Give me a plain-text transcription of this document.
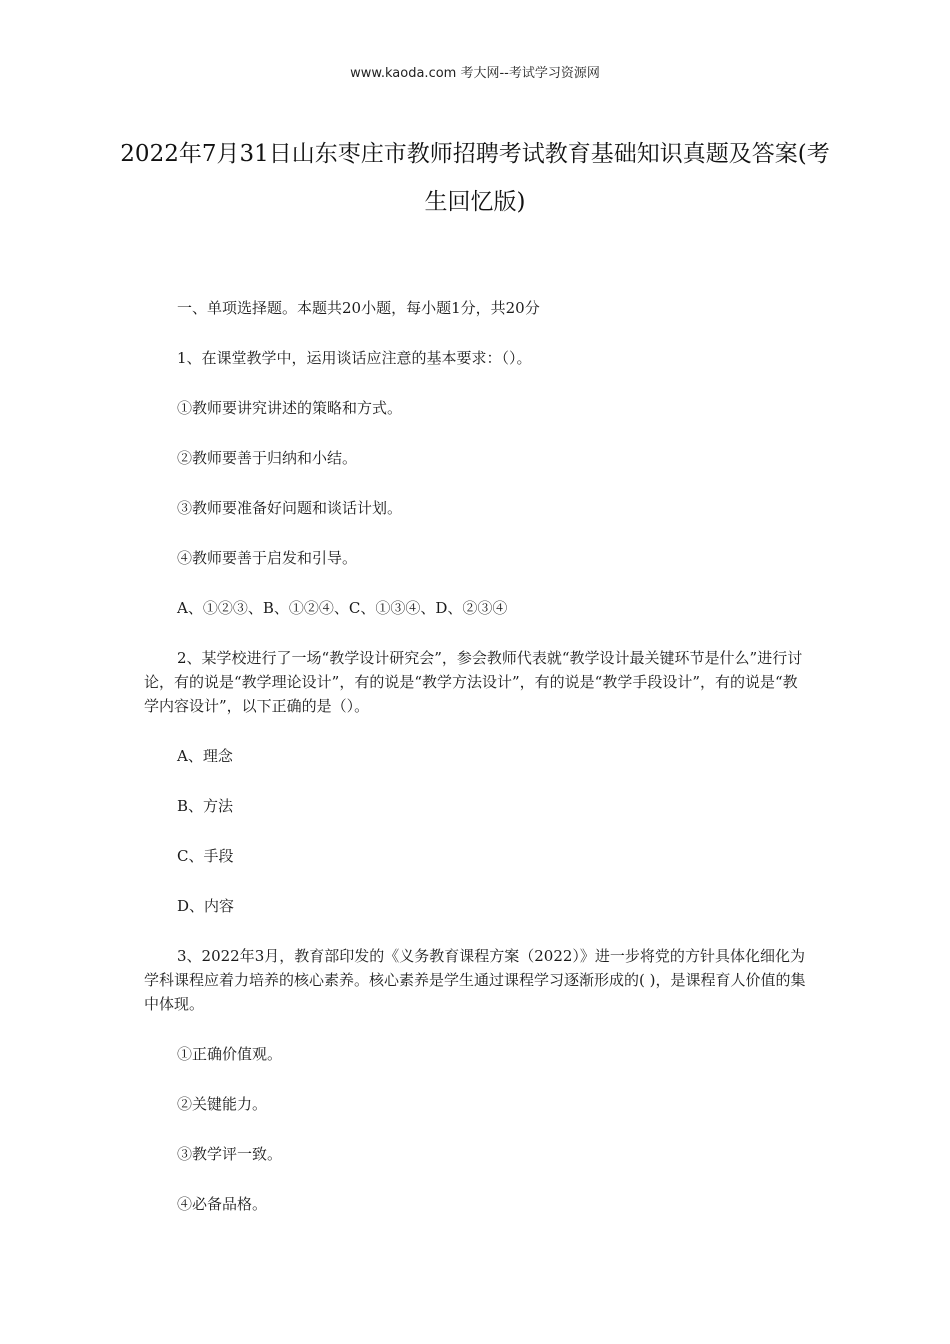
www.kaoda.com 考大网--考试学习资源网
2022年7月31日山东枣庄市教师招聘考试教育基础知识真题及答案(考生回忆版)

一、单项选择题。本题共20小题，每小题1分，共20分

1、在课堂教学中，运用谈话应注意的基本要求：（）。

①教师要讲究讲述的策略和方式。

②教师要善于归纳和小结。

③教师要准备好问题和谈话计划。

④教师要善于启发和引导。

A、①②③、B、①②④、C、①③④、D、②③④

2、某学校进行了一场“教学设计研究会”，参会教师代表就“教学设计最关键环节是什么”进行讨论，有的说是“教学理论设计”，有的说是“教学方法设计”，有的说是“教学手段设计”，有的说是“教学内容设计”，以下正确的是（）。

A、理念

B、方法

C、手段

D、内容

3、2022年3月，教育部印发的《义务教育课程方案（2022）》进一步将党的方针具体化细化为学科课程应着力培养的核心素养。核心素养是学生通过课程学习逐渐形成的( )，是课程育人价值的集中体现。

①正确价值观。

②关键能力。

③教学评一致。

④必备品格。
